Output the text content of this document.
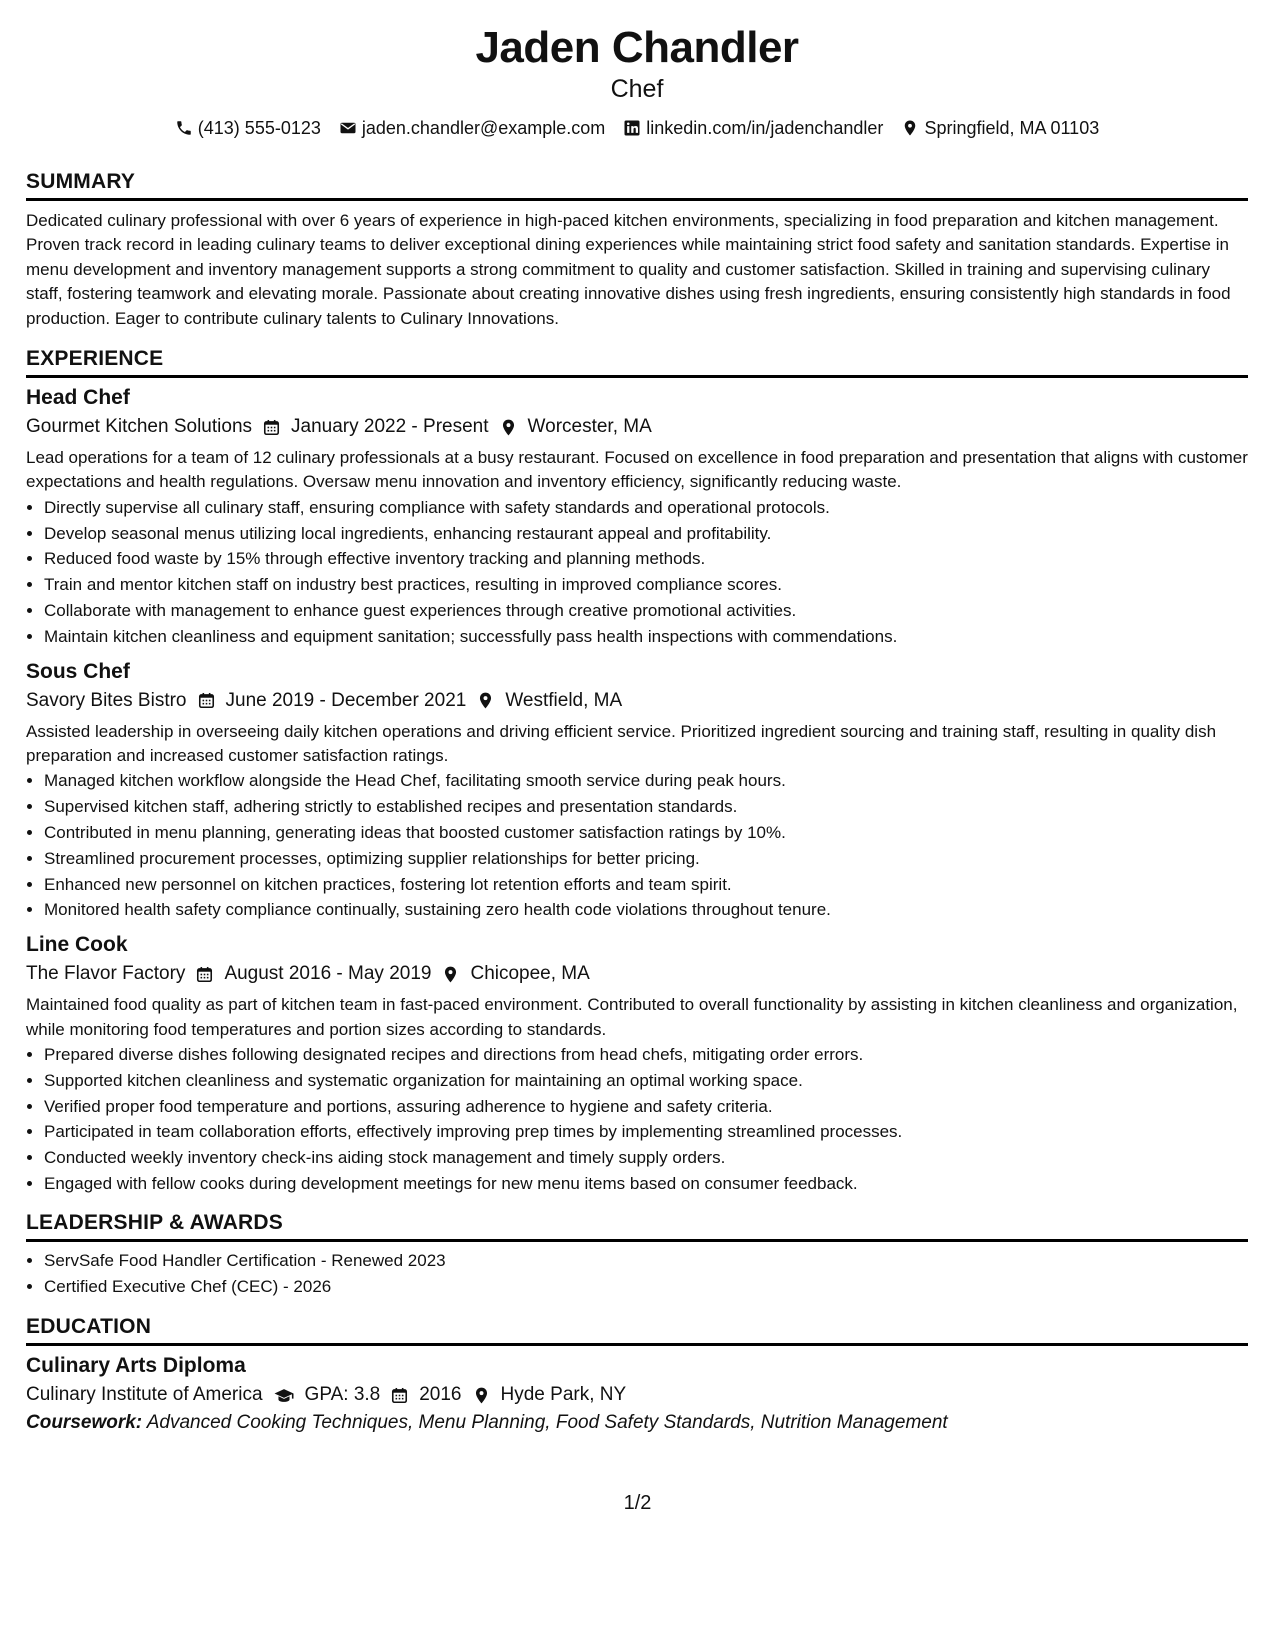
Jaden Chandler
Chef
(413) 555-0123 jaden.chandler@example.com linkedin.com/in/jadenchandler Springfield, MA 01103
SUMMARY
Dedicated culinary professional with over 6 years of experience in high-paced kitchen environments, specializing in food preparation and kitchen management. Proven track record in leading culinary teams to deliver exceptional dining experiences while maintaining strict food safety and sanitation standards. Expertise in menu development and inventory management supports a strong commitment to quality and customer satisfaction. Skilled in training and supervising culinary staff, fostering teamwork and elevating morale. Passionate about creating innovative dishes using fresh ingredients, ensuring consistently high standards in food production. Eager to contribute culinary talents to Culinary Innovations.
EXPERIENCE
Head Chef
Gourmet Kitchen Solutions January 2022 - Present Worcester, MA
Lead operations for a team of 12 culinary professionals at a busy restaurant. Focused on excellence in food preparation and presentation that aligns with customer expectations and health regulations. Oversaw menu innovation and inventory efficiency, significantly reducing waste.
• Directly supervise all culinary staff, ensuring compliance with safety standards and operational protocols.
• Develop seasonal menus utilizing local ingredients, enhancing restaurant appeal and profitability.
• Reduced food waste by 15% through effective inventory tracking and planning methods.
• Train and mentor kitchen staff on industry best practices, resulting in improved compliance scores.
• Collaborate with management to enhance guest experiences through creative promotional activities.
• Maintain kitchen cleanliness and equipment sanitation; successfully pass health inspections with commendations.
Sous Chef
Savory Bites Bistro June 2019 - December 2021 Westfield, MA
Assisted leadership in overseeing daily kitchen operations and driving efficient service. Prioritized ingredient sourcing and training staff, resulting in quality dish preparation and increased customer satisfaction ratings.
• Managed kitchen workflow alongside the Head Chef, facilitating smooth service during peak hours.
• Supervised kitchen staff, adhering strictly to established recipes and presentation standards.
• Contributed in menu planning, generating ideas that boosted customer satisfaction ratings by 10%.
• Streamlined procurement processes, optimizing supplier relationships for better pricing.
• Enhanced new personnel on kitchen practices, fostering lot retention efforts and team spirit.
• Monitored health safety compliance continually, sustaining zero health code violations throughout tenure.
Line Cook
The Flavor Factory August 2016 - May 2019 Chicopee, MA
Maintained food quality as part of kitchen team in fast-paced environment. Contributed to overall functionality by assisting in kitchen cleanliness and organization, while monitoring food temperatures and portion sizes according to standards.
• Prepared diverse dishes following designated recipes and directions from head chefs, mitigating order errors.
• Supported kitchen cleanliness and systematic organization for maintaining an optimal working space.
• Verified proper food temperature and portions, assuring adherence to hygiene and safety criteria.
• Participated in team collaboration efforts, effectively improving prep times by implementing streamlined processes.
• Conducted weekly inventory check-ins aiding stock management and timely supply orders.
• Engaged with fellow cooks during development meetings for new menu items based on consumer feedback.
LEADERSHIP & AWARDS
• ServSafe Food Handler Certification - Renewed 2023
• Certified Executive Chef (CEC) - 2026
EDUCATION
Culinary Arts Diploma
Culinary Institute of America GPA: 3.8 2016 Hyde Park, NY
Coursework: Advanced Cooking Techniques, Menu Planning, Food Safety Standards, Nutrition Management
1/2
